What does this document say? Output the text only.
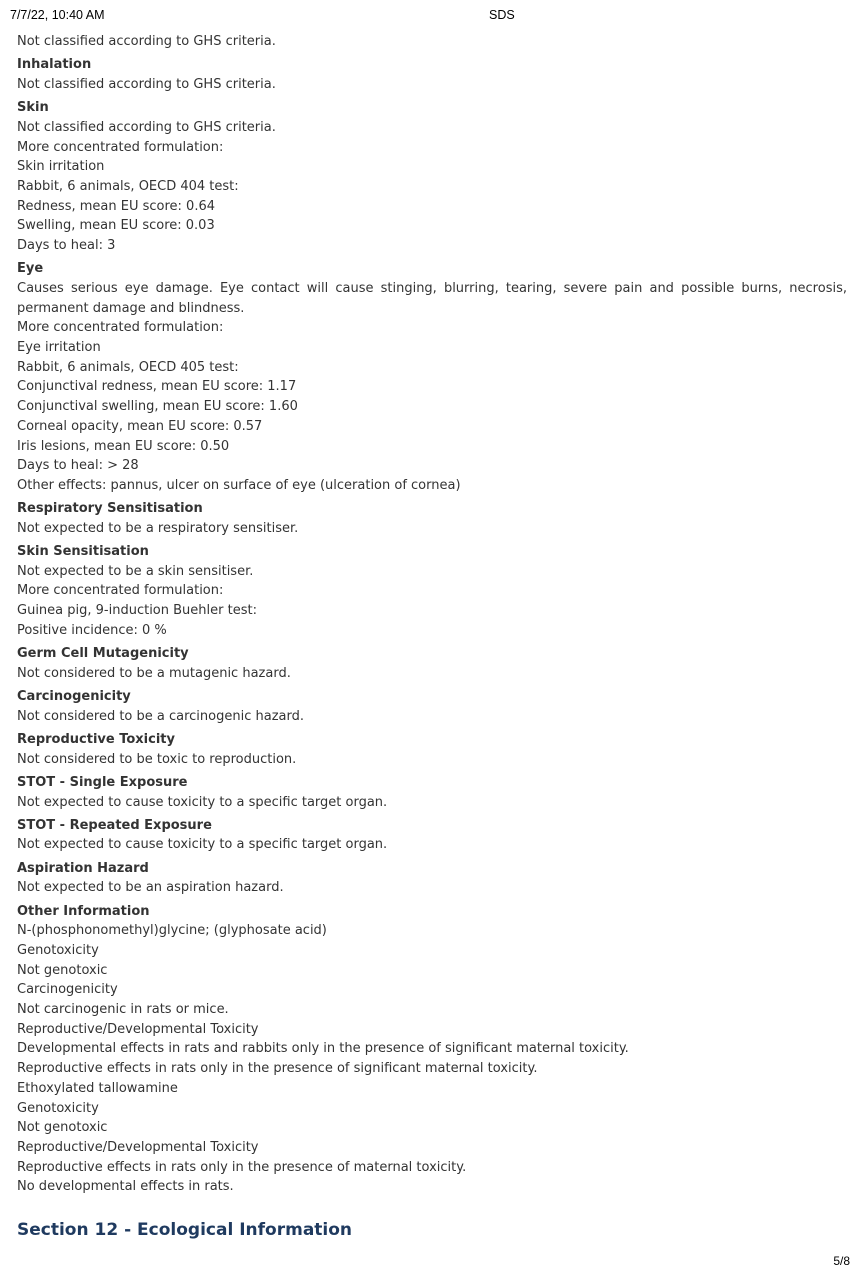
7/7/22, 10:40 AM	SDS

Not classified according to GHS criteria.

Inhalation

Not classified according to GHS criteria.

Skin

Not classified according to GHS criteria.

More concentrated formulation:

Skin irritation

Rabbit, 6 animals, OECD 404 test:

Redness, mean EU score: 0.64

Swelling, mean EU score: 0.03

Days to heal: 3

Eye

Causes serious eye damage. Eye contact will cause stinging, blurring, tearing, severe pain and possible burns, necrosis, permanent damage and blindness.

More concentrated formulation:

Eye irritation

Rabbit, 6 animals, OECD 405 test:

Conjunctival redness, mean EU score: 1.17

Conjunctival swelling, mean EU score: 1.60

Corneal opacity, mean EU score: 0.57

Iris lesions, mean EU score: 0.50

Days to heal: > 28

Other effects: pannus, ulcer on surface of eye (ulceration of cornea)

Respiratory Sensitisation

Not expected to be a respiratory sensitiser.

Skin Sensitisation

Not expected to be a skin sensitiser.

More concentrated formulation:

Guinea pig, 9-induction Buehler test:

Positive incidence: 0 %

Germ Cell Mutagenicity

Not considered to be a mutagenic hazard.

Carcinogenicity

Not considered to be a carcinogenic hazard.

Reproductive Toxicity

Not considered to be toxic to reproduction.

STOT - Single Exposure

Not expected to cause toxicity to a specific target organ.

STOT - Repeated Exposure

Not expected to cause toxicity to a specific target organ.

Aspiration Hazard

Not expected to be an aspiration hazard.

Other Information

N-(phosphonomethyl)glycine; (glyphosate acid)

Genotoxicity

Not genotoxic

Carcinogenicity

Not carcinogenic in rats or mice.

Reproductive/Developmental Toxicity

Developmental effects in rats and rabbits only in the presence of significant maternal toxicity.

Reproductive effects in rats only in the presence of significant maternal toxicity.

Ethoxylated tallowamine

Genotoxicity

Not genotoxic

Reproductive/Developmental Toxicity

Reproductive effects in rats only in the presence of maternal toxicity.

No developmental effects in rats.

Section 12 - Ecological Information
5/8
